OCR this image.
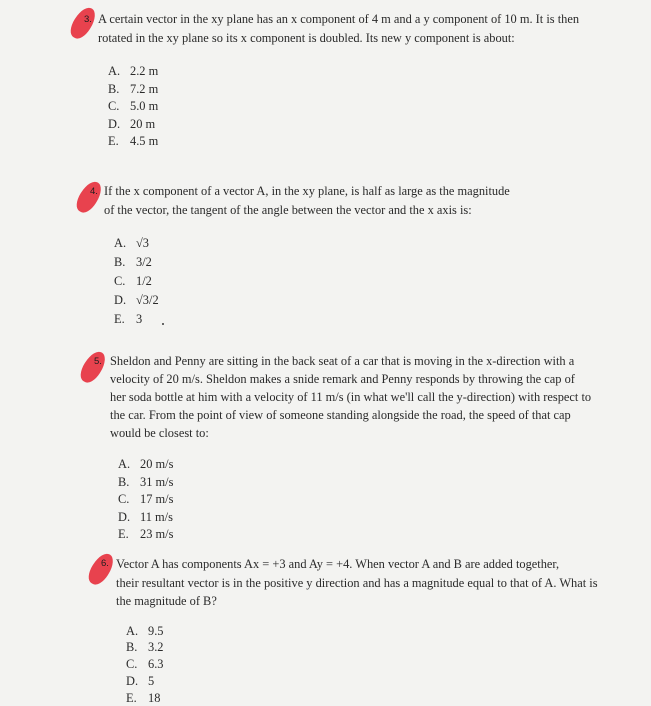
3. A certain vector in the xy plane has an x component of 4 m and a y component of 10 m. It is then
rotated in the xy plane so its x component is doubled. Its new y component is about:
A. 2.2 m
B. 7.2 m
C. 5.0 m
D. 20 m
E. 4.5 m
4. If the x component of a vector A, in the xy plane, is half as large as the magnitude
of the vector, the tangent of the angle between the vector and the x axis is:
A. √3
B. 3/2
C. 1/2
D. √3/2
E. 3
5. Sheldon and Penny are sitting in the back seat of a car that is moving in the x-direction with a
velocity of 20 m/s. Sheldon makes a snide remark and Penny responds by throwing the cap of
her soda bottle at him with a velocity of 11 m/s (in what we'll call the y-direction) with respect to
the car. From the point of view of someone standing alongside the road, the speed of that cap
would be closest to:
A. 20 m/s
B. 31 m/s
C. 17 m/s
D. 11 m/s
E. 23 m/s
6. Vector A has components Ax = +3 and Ay = +4. When vector A and B are added together,
their resultant vector is in the positive y direction and has a magnitude equal to that of A. What is
the magnitude of B?
A. 9.5
B. 3.2
C. 6.3
D. 5
E. 18
